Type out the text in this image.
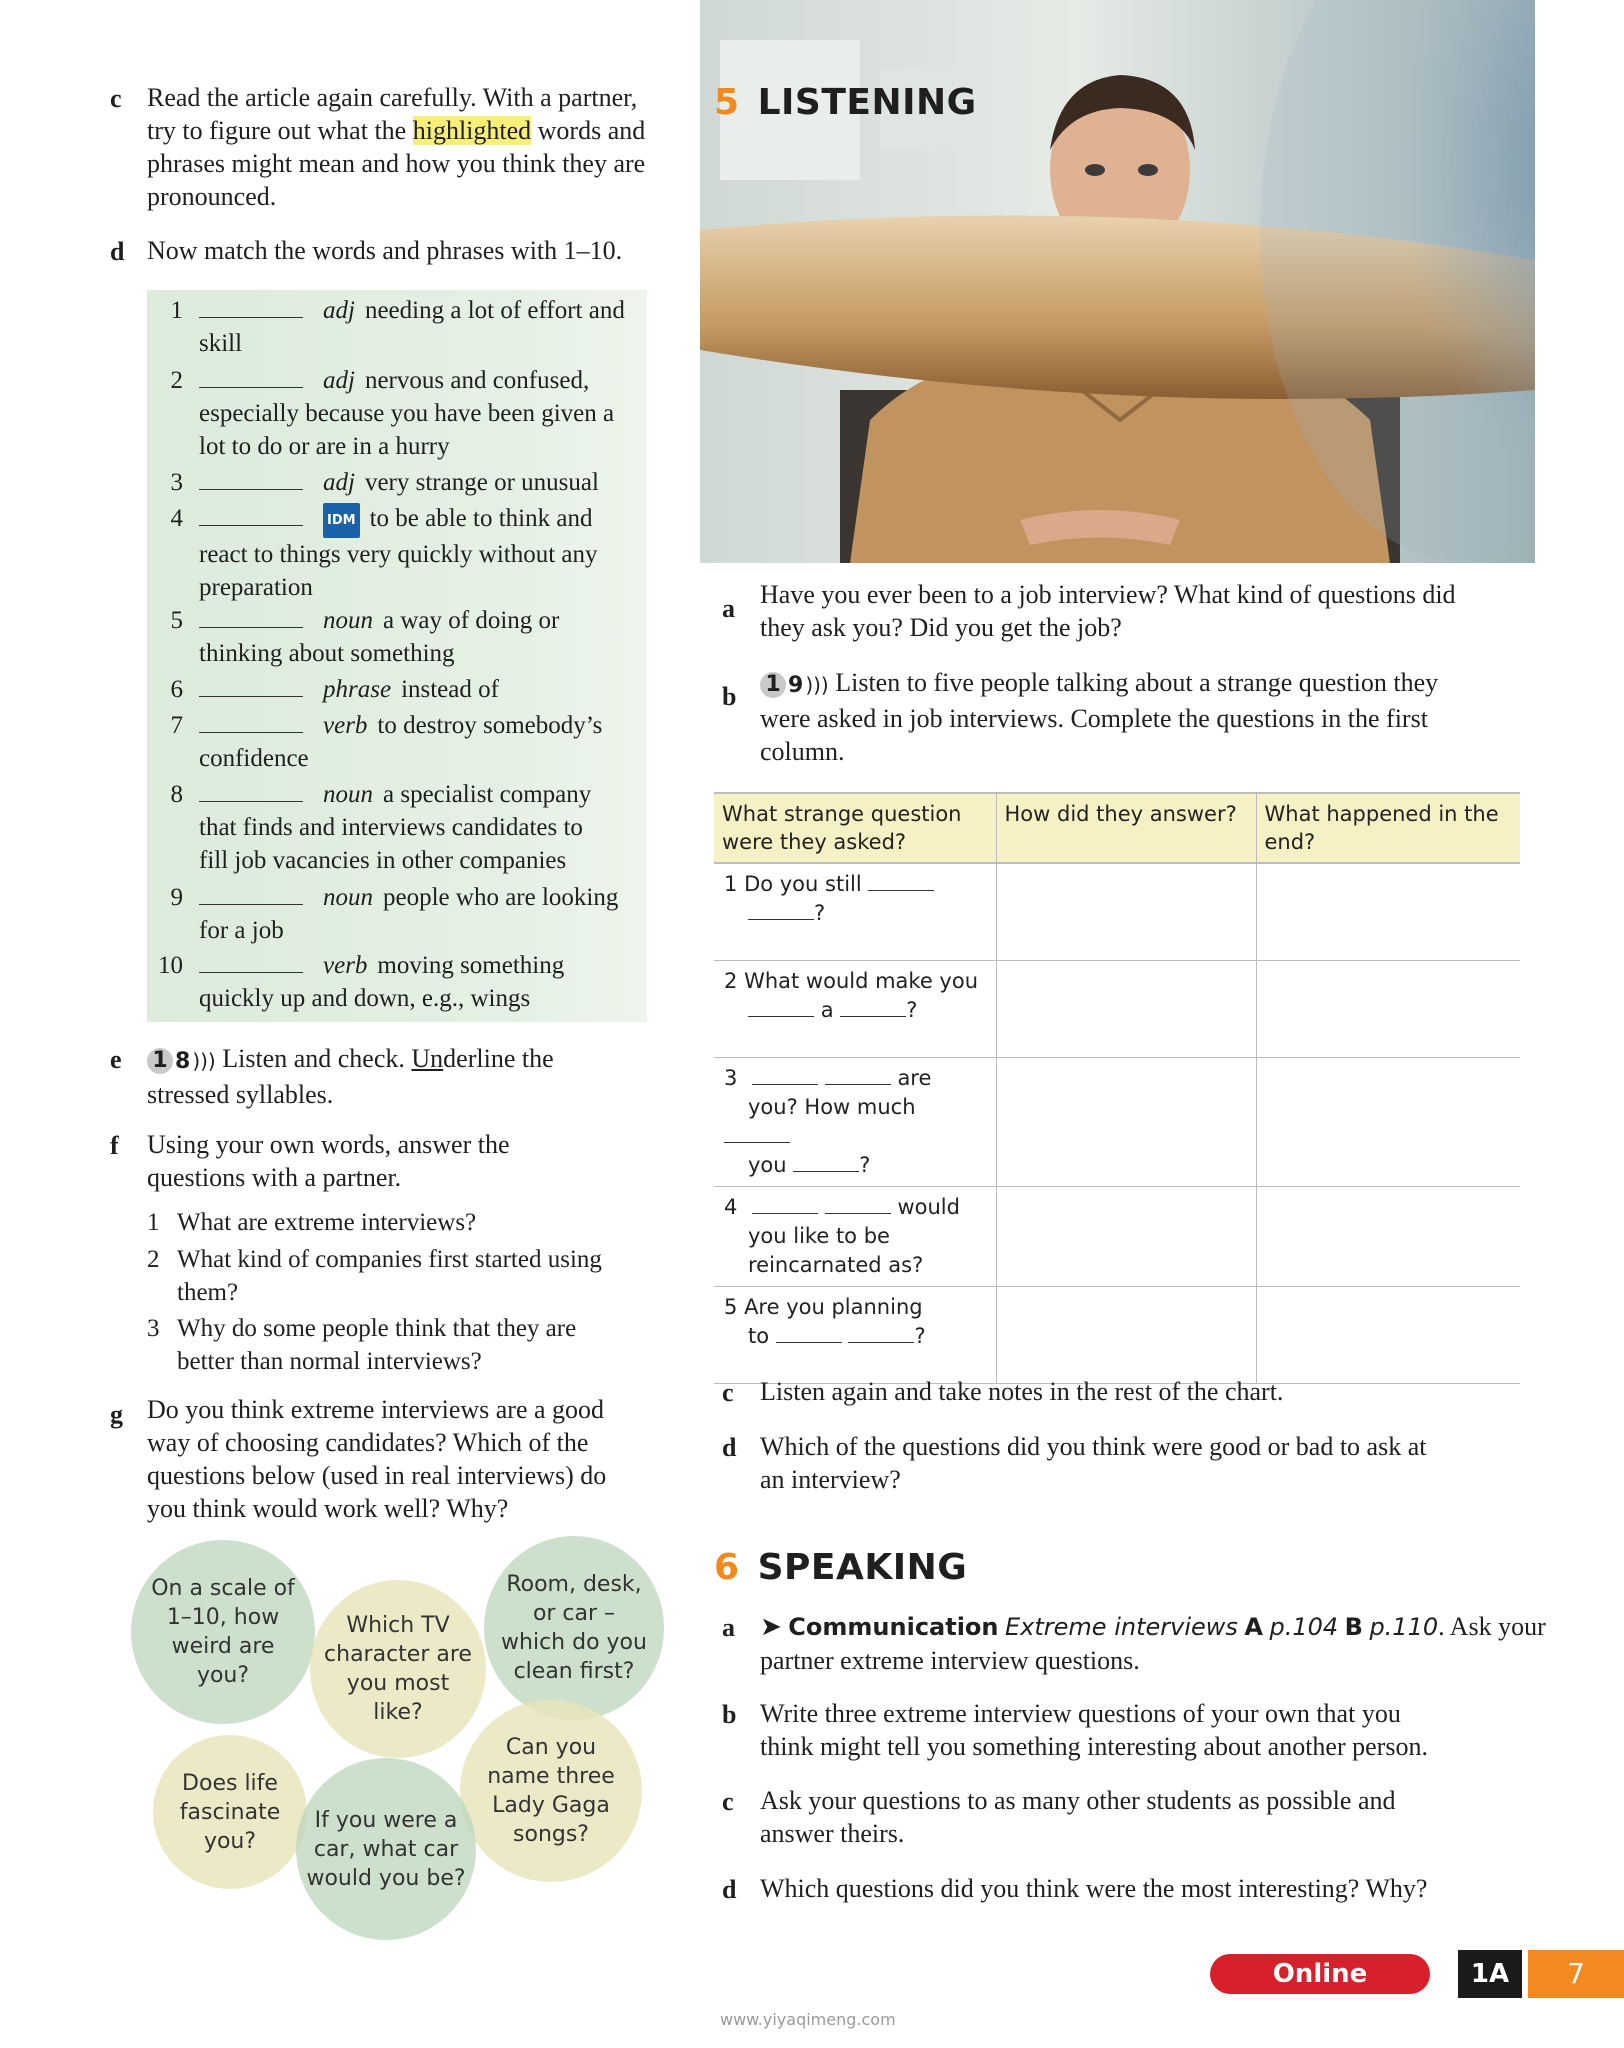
c Read the article again carefully. With a partner, try to figure out what the highlighted words and phrases might mean and how you think they are pronounced.
d Now match the words and phrases with 1–10.
1	adj needing a lot of effort and
skill
2	adj nervous and confused,
especially because you have been given a
lot to do or are in a hurry
3	adj very strange or unusual
4	IDM to be able to think and
react to things very quickly without any
preparation
5	noun a way of doing or
thinking about something
6	phrase instead of
7	verb to destroy somebody’s
confidence
8	noun a specialist company
that finds and interviews candidates to
fill job vacancies in other companies
9	noun people who are looking
for a job
10	verb moving something
quickly up and down, e.g., wings
e 1 8 ))) Listen and check. Underline the
stressed syllables.
f Using your own words, answer the
questions with a partner.
1 What are extreme interviews?
2 What kind of companies first started using
them?
3 Why do some people think that they are
better than normal interviews?
g Do you think extreme interviews are a good
way of choosing candidates? Which of the
questions below (used in real interviews) do
you think would work well? Why?
On a scale of 1–10, how weird are you?
Room, desk, or car – which do you clean first?
Which TV character are you most like?
Can you name three Lady Gaga songs?
Does life fascinate you?
If you were a car, what car would you be?
5 LISTENING
a Have you ever been to a job interview? What kind of questions did
they ask you? Did you get the job?
b 1 9 ))) Listen to five people talking about a strange question they
were asked in job interviews. Complete the questions in the first
column.
What strange question were they asked?	How did they answer?	What happened in the end?
1 Do you still
?		
2 What would make you
a ?		
3 are
you? How much
you ?		
4 would
you like to be
reincarnated as?		
5 Are you planning
to ?		
c Listen again and take notes in the rest of the chart.
d Which of the questions did you think were good or bad to ask at
an interview?
6 SPEAKING
a ➤ Communication Extreme interviews A p.104 B p.110. Ask your
partner extreme interview questions.
b Write three extreme interview questions of your own that you
think might tell you something interesting about another person.
c Ask your questions to as many other students as possible and
answer theirs.
d Which questions did you think were the most interesting? Why?
Online Practice
1A	7
www.yiyaqimeng.com
